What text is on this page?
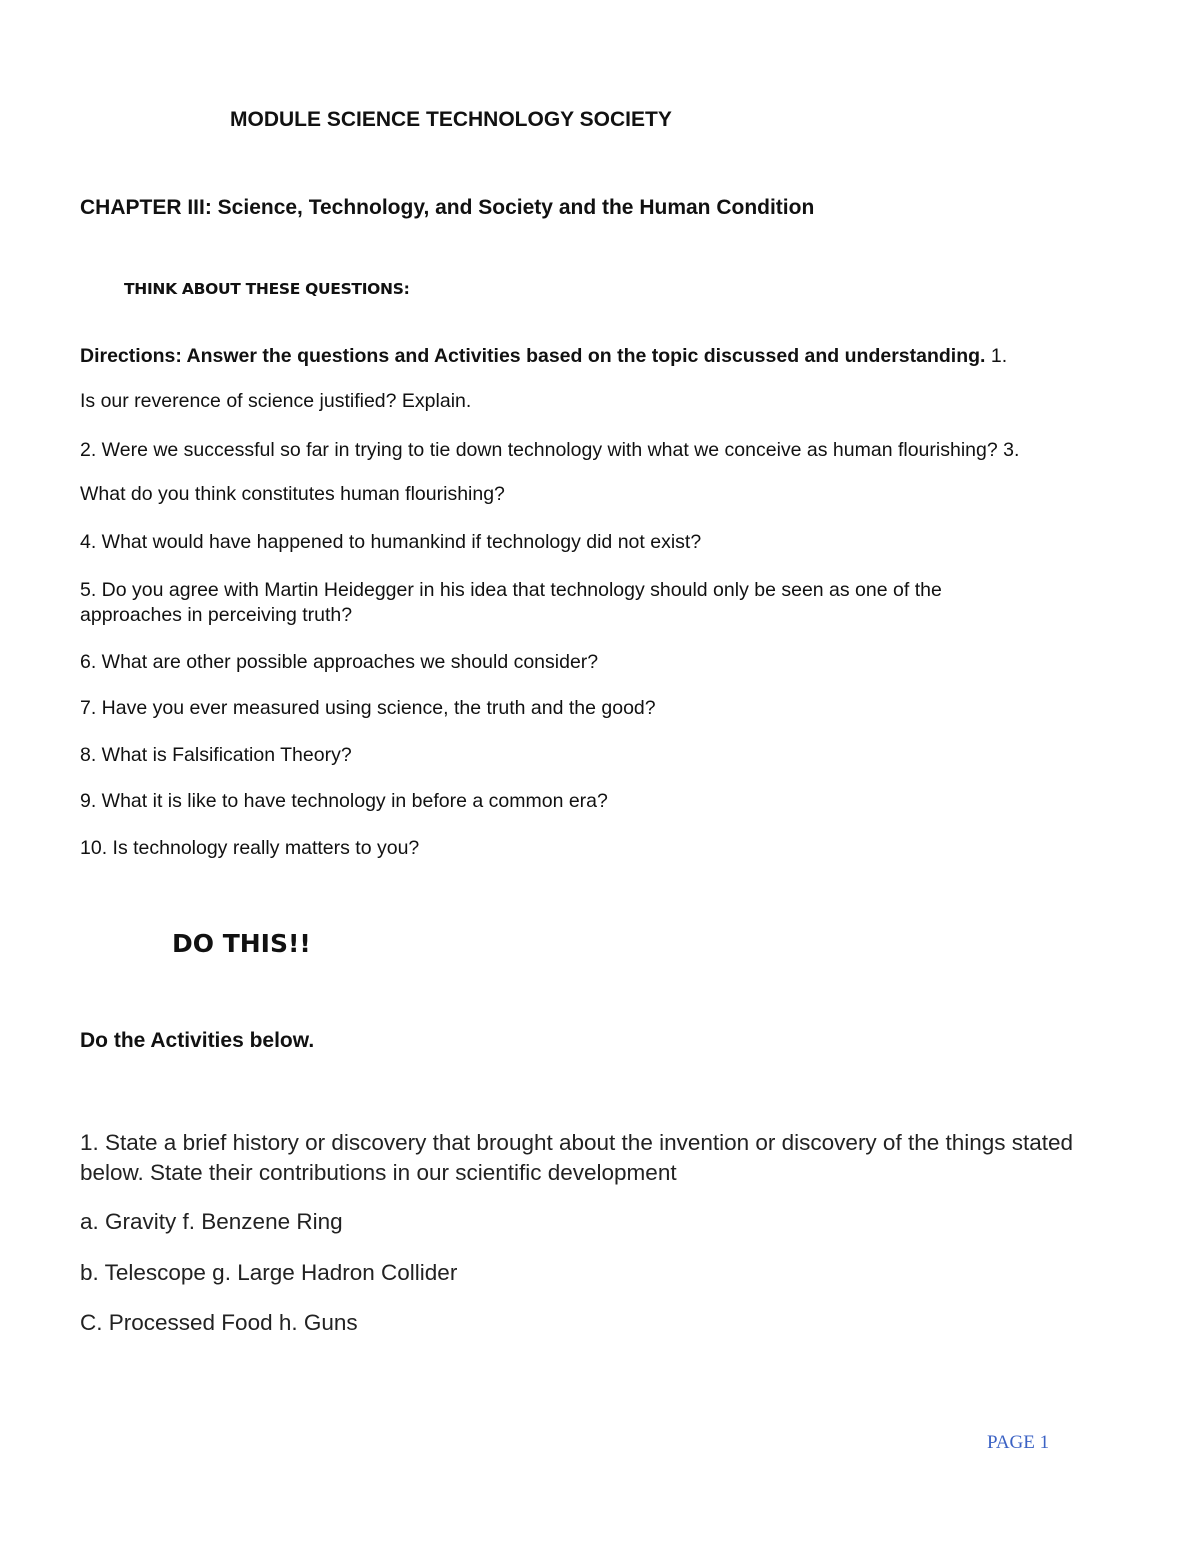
MODULE SCIENCE TECHNOLOGY SOCIETY

CHAPTER III: Science, Technology, and Society and the Human Condition

THINK ABOUT THESE QUESTIONS:

Directions: Answer the questions and Activities based on the topic discussed and understanding. 1.

Is our reverence of science justified? Explain.

2. Were we successful so far in trying to tie down technology with what we conceive as human flourishing? 3.

What do you think constitutes human flourishing?

4. What would have happened to humankind if technology did not exist?

5. Do you agree with Martin Heidegger in his idea that technology should only be seen as one of the

approaches in perceiving truth?

6. What are other possible approaches we should consider?

7. Have you ever measured using science, the truth and the good?

8. What is Falsification Theory?

9. What it is like to have technology in before a common era?

10. Is technology really matters to you?

DO THIS!!

Do the Activities below.

1. State a brief history or discovery that brought about the invention or discovery of the things stated

below. State their contributions in our scientific development

a. Gravity f. Benzene Ring

b. Telescope g. Large Hadron Collider

C. Processed Food h. Guns

PAGE 1
